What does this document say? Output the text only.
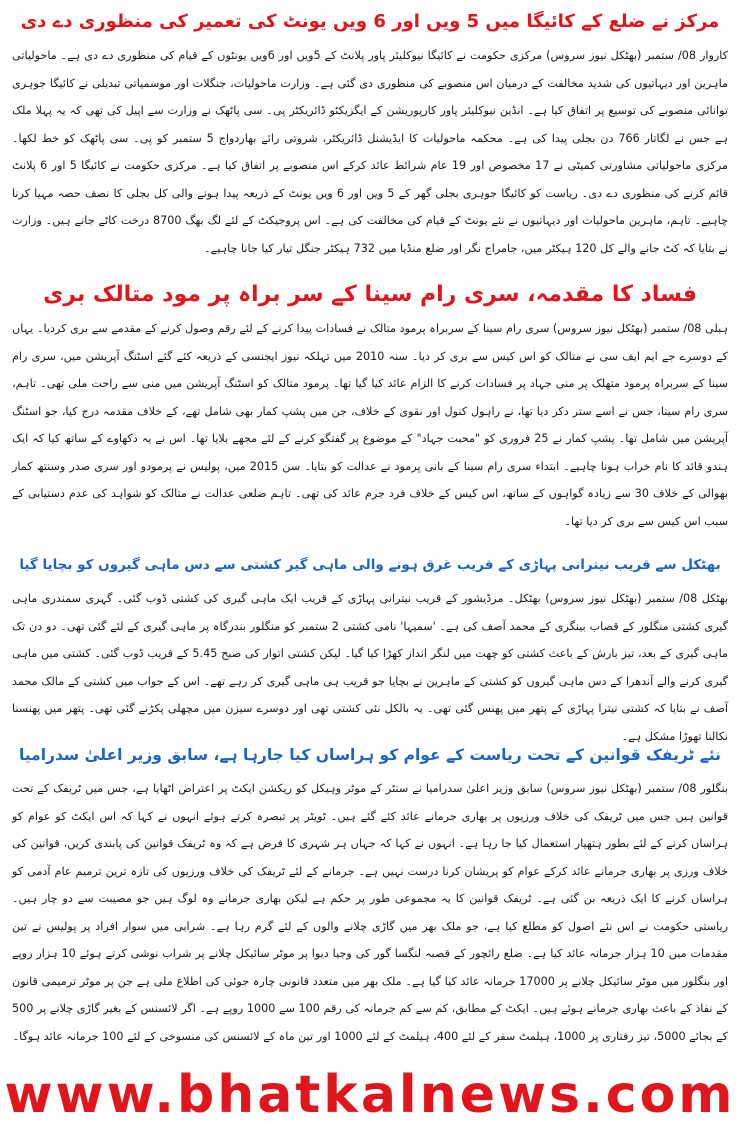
مرکز نے ضلع کے کائیگا میں 5 ویں اور 6 ویں یونٹ کی تعمیر کی منظوری دے دی

کاروار 08/ ستمبر (بھٹکل نیوز سروس) مرکزی حکومت نے کائیگا نیوکلیئر پاور پلانٹ کے 5ویں اور 6ویں یونٹوں کے قیام کی منظوری دے دی ہے۔ ماحولیاتی ماہرین اور دیہاتیوں کی شدید مخالفت کے درمیان اس منصوبے کی منظوری دی گئی ہے۔ وزارت ماحولیات، جنگلات اور موسمیاتی تبدیلی نے کائیگا جوہری توانائی منصوبے کی توسیع پر اتفاق کیا ہے۔ انڈین نیوکلیئر پاور کارپوریشن کے ایگزیکٹو ڈائریکٹر پی۔ سی پاٹھک نے وزارت سے اپیل کی تھی کہ یہ پہلا ملک ہے جس نے لگاتار 766 دن بجلی پیدا کی ہے۔ محکمہ ماحولیات کا ایڈیشنل ڈائریکٹر، شروتی رائے بھاردواج 5 ستمبر کو پی۔ سی پاٹھک کو خط لکھا۔ مرکزی ماحولیاتی مشاورتی کمیٹی نے 17 مخصوص اور 19 عام شرائط عائد کرکے اس منصوبے پر اتفاق کیا ہے۔ مرکزی حکومت نے کائیگا 5 اور 6 پلانٹ قائم کرنے کی منظوری دے دی۔ ریاست کو کائیگا جوہری بجلی گھر کے 5 ویں اور 6 ویں یونٹ کے ذریعہ پیدا ہونے والی کل بجلی کا نصف حصہ مہیا کرنا چاہیے۔ تاہم، ماہرین ماحولیات اور دیہاتیوں نے نئے یونٹ کے قیام کی مخالفت کی ہے۔ اس پروجیکٹ کے لئے لگ بھگ 8700 درخت کاٹے جانے ہیں۔ وزارت نے بتایا کہ کٹ جانے والے کل 120 ہیکٹر میں، جامراج نگر اور ضلع منڈیا میں 732 ہیکٹر جنگل تیار کیا جانا چاہیے۔

فساد کا مقدمہ، سری رام سینا کے سر براہ پر مود متالک بری

ہبلی 08/ ستمبر (بھٹکل نیوز سروس) سری رام سینا کے سربراہ پرمود متالک نے فسادات پیدا کرنے کے لئے رقم وصول کرنے کے مقدمے سے بری کردیا۔ یہاں کے دوسرے جے ایم ایف سی نے متالک کو اس کیس سے بری کر دیا۔ سنہ 2010 میں تہلکہ نیوز ایجنسی کے ذریعہ کئے گئے اسٹنگ آپریشن میں، سری رام سینا کے سربراہ پرمود متھلک پر منی جہاد پر فسادات کرنے کا الزام عائد کیا گیا تھا۔ پرمود متالک کو اسٹنگ آپریشن میں منی سے راحت ملی تھی۔ تاہم، سری رام سینا، جس نے اسے ستر دکر دیا تھا، نے راہول کنول اور نقوی کے خلاف، جن میں پشپ کمار بھی شامل تھے، کے خلاف مقدمہ درج کیا، جو اسٹنگ آپریشن میں شامل تھا۔ پشپ کمار نے 25 فروری کو "محبت جہاد" کے موضوع پر گفتگو کرنے کے لئے مجھے بلایا تھا۔ اس نے یہ دکھاوے کے ساتھ کیا کہ ایک ہندو قائد کا نام خراب ہونا چاہیے۔ ابتداء سری رام سینا کے بانی پرمود نے عدالت کو بتایا۔ سن 2015 میں، پولیس نے پرمودو اور سری صدر وسنتھ کمار بھوالی کے خلاف 30 سے زیادہ گواہوں کے ساتھ، اس کیس کے خلاف فرد جرم عائد کی تھی۔ تاہم ضلعی عدالت نے متالک کو شواہد کی عدم دستیابی کے سبب اس کیس سے بری کر دیا تھا۔

بھٹکل سے قریب نیترانی پہاڑی کے قریب غرق ہونے والی ماہی گیر کشتی سے دس ماہی گیروں کو بچایا گیا

بھٹکل 08/ ستمبر (بھٹکل نیوز سروس) بھٹکل۔ مرڈیشور کے قریب نیترانی پہاڑی کے قریب ایک ماہی گیری کی کشتی ڈوب گئی۔ گہری سمندری ماہی گیری کشتی منگلور کے قصاب بینگری کے محمد آصف کی ہے۔ 'سمیہا' نامی کشتی 2 ستمبر کو منگلور بندرگاہ پر ماہی گیری کے لئے گئی تھی۔ دو دن تک ماہی گیری کے بعد، تیز بارش کے باعث کشتی کو چھت میں لنگر انداز کھڑا کیا گیا۔ لیکن کشتی اتوار کی صبح 5.45 کے قریب ڈوب گئی۔ کشتی میں ماہی گیری کرنے والے آندھرا کے دس ماہی گیروں کو کشتی کے ماہرین نے بچایا جو قریب ہی ماہی گیری کر رہے تھے۔ اس کے جواب میں کشتی کے مالک محمد آصف نے بتایا کہ کشتی نیترا پہاڑی کے پتھر میں پھنس گئی تھی۔ یہ بالکل نئی کشتی تھی اور دوسرے سیزن میں مچھلی پکڑنے گئی تھی۔ پتھر میں پھنسنا نکالنا تھوڑا مشکل ہے۔

نئے ٹریفک قوانین کے تحت ریاست کے عوام کو ہراساں کیا جارہا ہے، سابق وزیر اعلیٰ سدرامیا

بنگلور 08/ ستمبر (بھٹکل نیوز سروس) سابق وزیر اعلیٰ سدرامیا نے سنٹر کے موٹر وہیکل کو ریکشن ایکٹ پر اعتراض اٹھایا ہے، جس میں ٹریفک کے تحت قوانین ہیں جس میں ٹریفک کی خلاف ورزیوں پر بھاری جرمانے عائد کئے گئے ہیں۔ ٹویٹر پر تبصرہ کرتے ہوئے انہوں نے کہا کہ اس ایکٹ کو عوام کو ہراساں کرنے کے لئے بطور ہتھیار استعمال کیا جا رہا ہے۔ انہوں نے کہا کہ جہاں ہر شہری کا فرض ہے کہ وہ ٹریفک قوانین کی پابندی کریں، قوانین کی خلاف ورزی پر بھاری جرمانے عائد کرکے عوام کو پریشان کرنا درست نہیں ہے۔ جرمانے کے لئے ٹریفک کی خلاف ورزیوں کی تازہ ترین ترمیم عام آدمی کو ہراساں کرنے کا ایک ذریعہ بن گئی ہے۔ ٹریفک قوانین کا یہ مجموعی طور پر حکم ہے لیکن بھاری جرمانے وہ لوگ ہیں جو مصیبت سے دو چار ہیں۔ ریاستی حکومت نے اس نئے اصول کو مطلع کیا ہے، جو ملک بھر میں گاڑی چلانے والوں کے لئے گرم رہا ہے۔ شرابی میں سوار افراد پر پولیس نے تین مقدمات میں 10 ہزار جرمانہ عائد کیا ہے۔ ضلع رائچور کے قصبہ لنگسا گور کی وجیا دیوا پر موٹر سائیکل چلانے پر شراب نوشی کرتے ہوئے 10 ہزار روپے اور بنگلور میں موٹر سائیکل چلانے پر 17000 جرمانہ عائد کیا گیا ہے۔ ملک بھر میں متعدد قانونی چارہ جوئی کی اطلاع ملی ہے جن پر موٹر ترمیمی قانون کے نفاذ کے باعث بھاری جرمانے ہوئے ہیں۔ ایکٹ کے مطابق، کم سے کم جرمانہ کی رقم 100 سے 1000 روپے ہے۔ اگر لائسنس کے بغیر گاڑی چلانے پر 500 کے بجائے 5000، تیز رفتاری پر 1000، ہیلمٹ سفر کے لئے 400، ہیلمٹ کے لئے 1000 اور تین ماہ کے لائسنس کی منسوخی کے لئے 100 جرمانہ عائد ہوگا۔

www.bhatkalnews.com
